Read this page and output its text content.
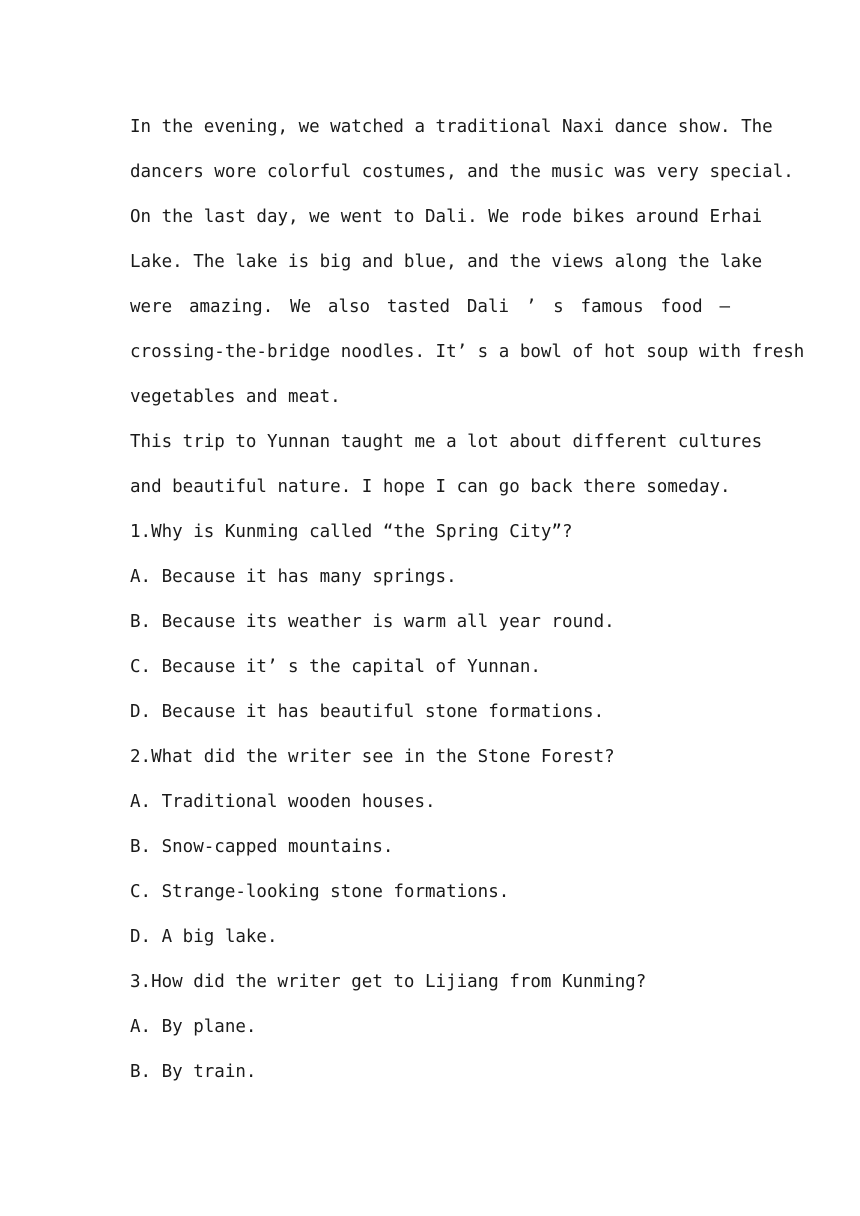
In the evening, we watched a traditional Naxi dance show. The
dancers wore colorful costumes, and the music was very special.
On the last day, we went to Dali. We rode bikes around Erhai
Lake. The lake is big and blue, and the views along the lake
were amazing. We also tasted Dali ’ s famous food —
crossing-the-bridge noodles. It’ s a bowl of hot soup with fresh
vegetables and meat.
This trip to Yunnan taught me a lot about different cultures
and beautiful nature. I hope I can go back there someday.
1.Why is Kunming called “the Spring City”?
A. Because it has many springs.
B. Because its weather is warm all year round.
C. Because it’ s the capital of Yunnan.
D. Because it has beautiful stone formations.
2.What did the writer see in the Stone Forest?
A. Traditional wooden houses.
B. Snow-capped mountains.
C. Strange-looking stone formations.
D. A big lake.
3.How did the writer get to Lijiang from Kunming?
A. By plane.
B. By train.
